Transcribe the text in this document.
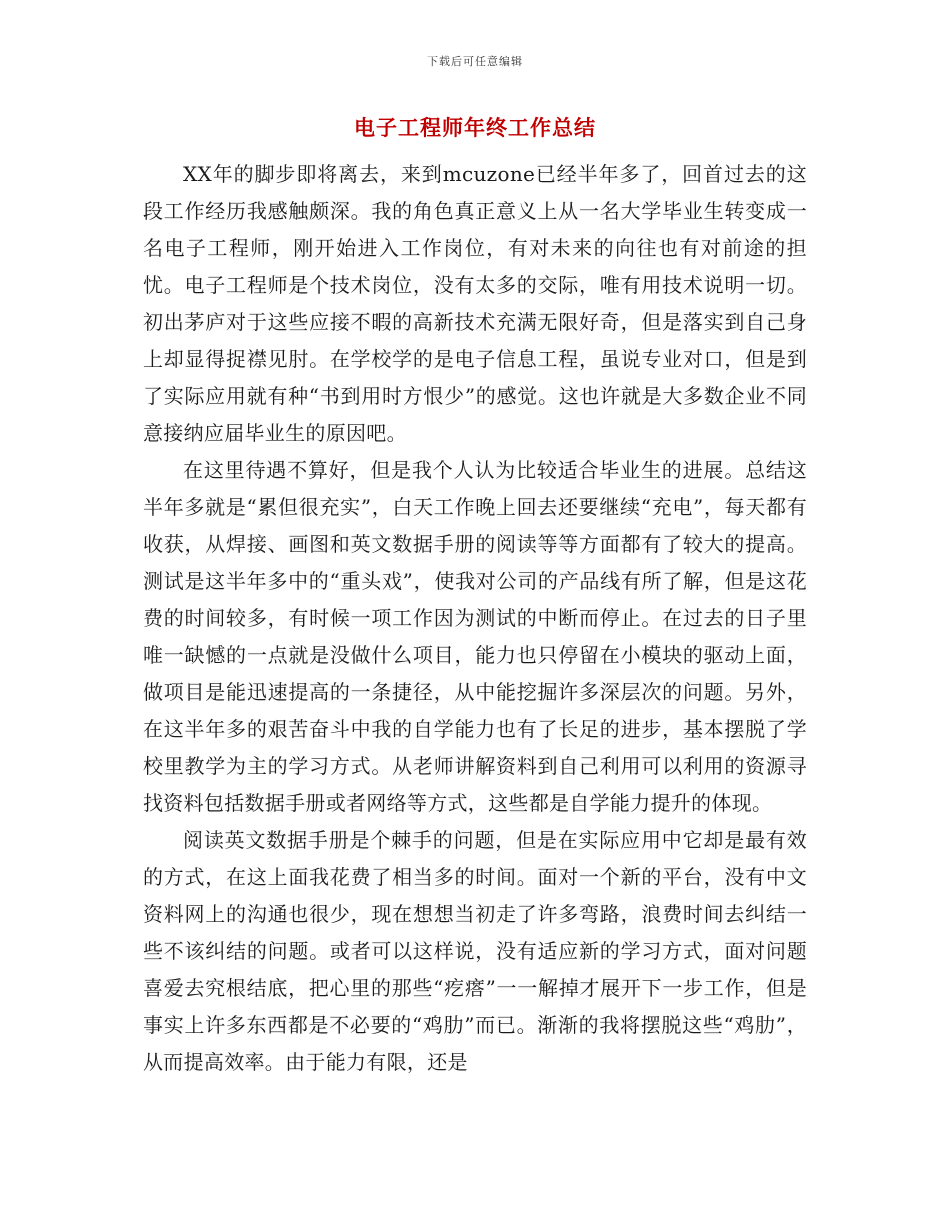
下载后可任意编辑
电子工程师年终工作总结

XX年的脚步即将离去，来到mcuzone已经半年多了，回首过去的这段工作经历我感触颇深。我的角色真正意义上从一名大学毕业生转变成一名电子工程师，刚开始进入工作岗位，有对未来的向往也有对前途的担忧。电子工程师是个技术岗位，没有太多的交际，唯有用技术说明一切。初出茅庐对于这些应接不暇的高新技术充满无限好奇，但是落实到自己身上却显得捉襟见肘。在学校学的是电子信息工程，虽说专业对口，但是到了实际应用就有种“书到用时方恨少”的感觉。这也许就是大多数企业不同意接纳应届毕业生的原因吧。

在这里待遇不算好，但是我个人认为比较适合毕业生的进展。总结这半年多就是“累但很充实”，白天工作晚上回去还要继续“充电”，每天都有收获，从焊接、画图和英文数据手册的阅读等等方面都有了较大的提高。测试是这半年多中的“重头戏”，使我对公司的产品线有所了解，但是这花费的时间较多，有时候一项工作因为测试的中断而停止。在过去的日子里唯一缺憾的一点就是没做什么项目，能力也只停留在小模块的驱动上面，做项目是能迅速提高的一条捷径，从中能挖掘许多深层次的问题。另外，在这半年多的艰苦奋斗中我的自学能力也有了长足的进步，基本摆脱了学校里教学为主的学习方式。从老师讲解资料到自己利用可以利用的资源寻找资料包括数据手册或者网络等方式，这些都是自学能力提升的体现。

阅读英文数据手册是个棘手的问题，但是在实际应用中它却是最有效的方式，在这上面我花费了相当多的时间。面对一个新的平台，没有中文资料网上的沟通也很少，现在想想当初走了许多弯路，浪费时间去纠结一些不该纠结的问题。或者可以这样说，没有适应新的学习方式，面对问题喜爱去究根结底，把心里的那些“疙瘩”一一解掉才展开下一步工作，但是事实上许多东西都是不必要的“鸡肋”而已。渐渐的我将摆脱这些“鸡肋”，从而提高效率。由于能力有限，还是
